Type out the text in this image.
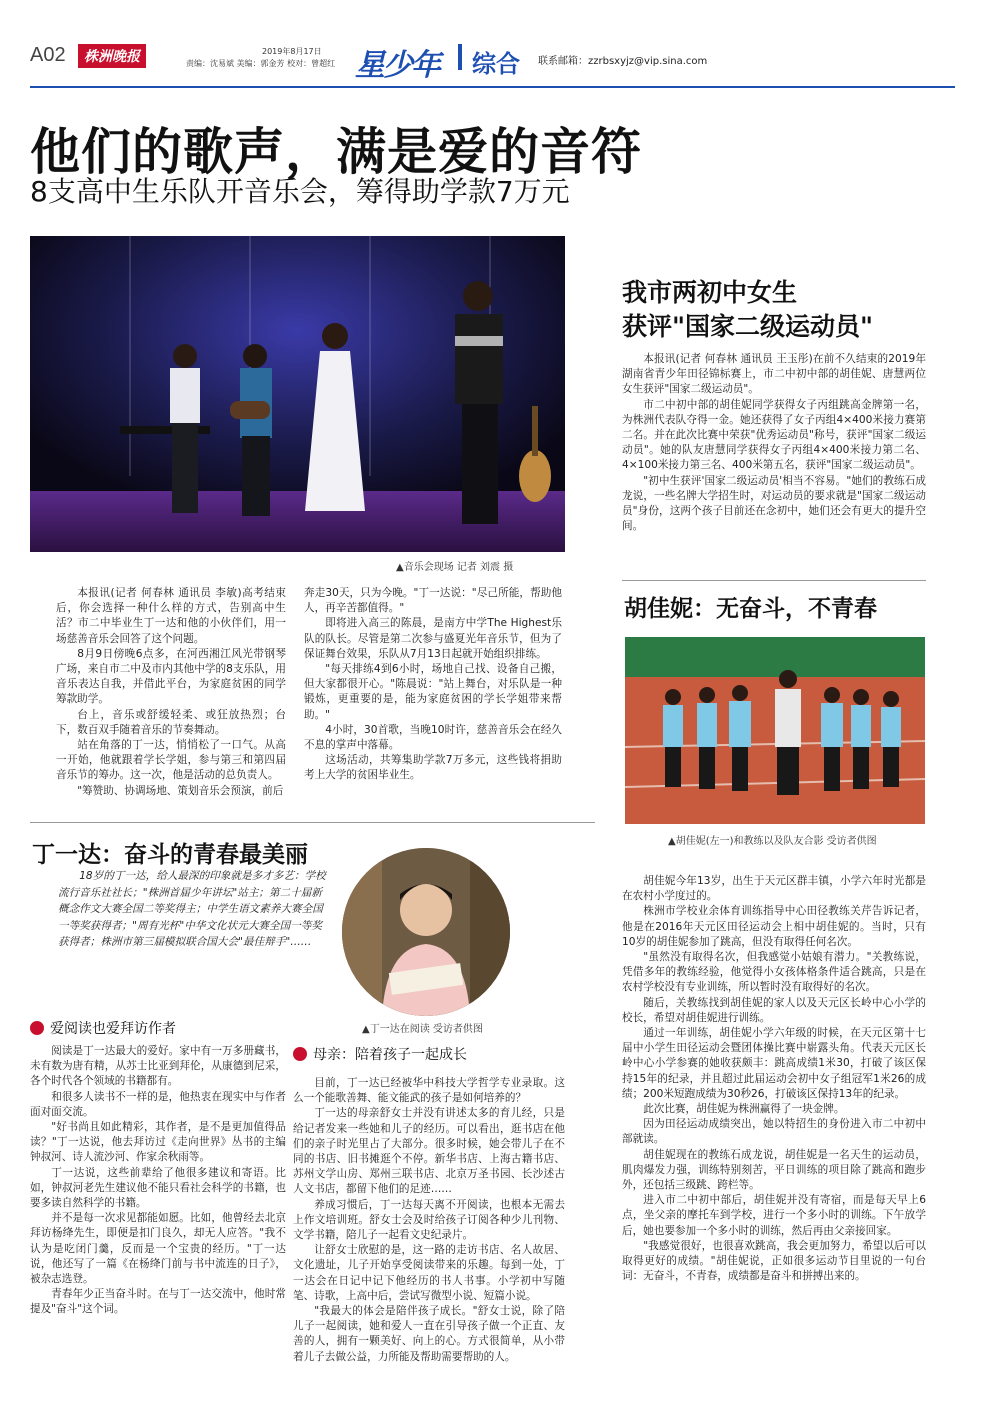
A02	株洲晚报	2019年8月17日
责编：沈易斌 美编：郭金芳 校对：曾超红 星少年 综合 联系邮箱：zzrbsxyjz@vip.sina.com
他们的歌声，满是爱的音符
8支高中生乐队开音乐会，筹得助学款7万元
▲音乐会现场 记者 刘震 摄

本报讯(记者 何春林 通讯员 李敏)高考结束后，你会选择一种什么样的方式，告别高中生活？市二中毕业生丁一达和他的小伙伴们，用一场慈善音乐会回答了这个问题。

8月9日傍晚6点多，在河西湘江风光带钢琴广场，来自市二中及市内其他中学的8支乐队，用音乐表达自我，并借此平台，为家庭贫困的同学筹款助学。

台上，音乐或舒缓轻柔、或狂放热烈；台下，数百双手随着音乐的节奏舞动。

站在角落的丁一达，悄悄松了一口气。从高一开始，他就跟着学长学姐，参与第三和第四届音乐节的筹办。这一次，他是活动的总负责人。

"筹赞助、协调场地、策划音乐会预演，前后

奔走30天，只为今晚。"丁一达说："尽己所能，帮助他人，再辛苦都值得。"

即将进入高三的陈晨，是南方中学The Highest乐队的队长。尽管是第二次参与盛夏光年音乐节，但为了保证舞台效果，乐队从7月13日起就开始组织排练。

"每天排练4到6小时，场地自己找、设备自己搬，但大家都很开心。"陈晨说："站上舞台，对乐队是一种锻炼，更重要的是，能为家庭贫困的学长学姐带来帮助。"

4小时，30首歌，当晚10时许，慈善音乐会在经久不息的掌声中落幕。

这场活动，共筹集助学款7万多元，这些钱将捐助考上大学的贫困毕业生。

丁一达：奋斗的青春最美丽
▲丁一达在阅读 受访者供图

18岁的丁一达，给人最深的印象就是多才多艺：学校流行音乐社社长；"株洲首届少年讲坛"站主；第二十届新概念作文大赛全国二等奖得主；中学生语文素养大赛全国一等奖获得者；"周有光杯"中华文化状元大赛全国一等奖获得者；株洲市第三届模拟联合国大会"最佳辩手"……

爱阅读也爱拜访作者

阅读是丁一达最大的爱好。家中有一万多册藏书，未有数为唐有精，从苏士比亚到拜伦，从康德到尼采，各个时代各个领域的书籍都有。

和很多人读书不一样的是，他热衷在现实中与作者面对面交流。

"好书尚且如此精彩，其作者，是不是更加值得品读？"丁一达说，他去拜访过《走向世界》丛书的主编钟叔河、诗人流沙河、作家余秋雨等。

丁一达说，这些前辈给了他很多建议和寄语。比如，钟叔河老先生建议他不能只看社会科学的书籍，也要多读自然科学的书籍。

并不是每一次求见都能如愿。比如，他曾经去北京拜访杨绛先生，即便是扣门良久，却无人应答。"我不认为是吃闭门羹，反而是一个宝贵的经历。"丁一达说，他还写了一篇《在杨绛门前与书中流连的日子》，被杂志选登。

青春年少正当奋斗时。在与丁一达交流中，他时常提及"奋斗"这个词。

母亲：陪着孩子一起成长

目前，丁一达已经被华中科技大学哲学专业录取。这么一个能歌善舞、能文能武的孩子是如何培养的？

丁一达的母亲舒女士并没有讲述太多的育儿经，只是给记者发来一些她和儿子的经历。可以看出，逛书店在他们的亲子时光里占了大部分。很多时候，她会带儿子在不同的书店、旧书摊逛个不停。新华书店、上海古籍书店、苏州文学山房、郑州三联书店、北京万圣书园、长沙述古人文书店，都留下他们的足迹……

养成习惯后，丁一达每天离不开阅读，也根本无需去上作文培训班。舒女士会及时给孩子订阅各种少儿刊物、文学书籍，陪儿子一起看文史纪录片。

让舒女士欣慰的是，这一路的走访书店、名人故居、文化遗址，儿子开始享受阅读带来的乐趣。每到一处，丁一达会在日记中记下他经历的书人书事。小学初中写随笔、诗歌，上高中后，尝试写微型小说、短篇小说。

"我最大的体会是陪伴孩子成长。"舒女士说，除了陪儿子一起阅读，她和爱人一直在引导孩子做一个正直、友善的人，拥有一颗美好、向上的心。方式很简单，从小带着儿子去做公益，力所能及帮助需要帮助的人。

我市两初中女生
获评"国家二级运动员"

本报讯(记者 何春林 通讯员 王玉彤)在前不久结束的2019年湖南省青少年田径锦标赛上，市二中初中部的胡佳妮、唐慧两位女生获评"国家二级运动员"。

市二中初中部的胡佳妮同学获得女子丙组跳高金牌第一名，为株洲代表队夺得一金。她还获得了女子丙组4×400米接力赛第二名。并在此次比赛中荣获"优秀运动员"称号，获评"国家二级运动员"。她的队友唐慧同学获得女子丙组4×400米接力第二名、4×100米接力第三名、400米第五名，获评"国家二级运动员"。

"初中生获评'国家二级运动员'相当不容易。"她们的教练石成龙说，一些名牌大学招生时，对运动员的要求就是"国家二级运动员"身份，这两个孩子目前还在念初中，她们还会有更大的提升空间。

胡佳妮：无奋斗，不青春
▲胡佳妮(左一)和教练以及队友合影 受访者供图

胡佳妮今年13岁，出生于天元区群丰镇，小学六年时光都是在农村小学度过的。

株洲市学校业余体育训练指导中心田径教练关芹告诉记者，他是在2016年天元区田径运动会上相中胡佳妮的。当时，只有10岁的胡佳妮参加了跳高，但没有取得任何名次。

"虽然没有取得名次，但我感觉小姑娘有潜力。"关教练说，凭借多年的教练经验，他觉得小女孩体格条件适合跳高，只是在农村学校没有专业训练，所以暂时没有取得好的名次。

随后，关教练找到胡佳妮的家人以及天元区长岭中心小学的校长，希望对胡佳妮进行训练。

通过一年训练，胡佳妮小学六年级的时候，在天元区第十七届中小学生田径运动会暨团体操比赛中崭露头角。代表天元区长岭中心小学参赛的她收获颇丰：跳高成绩1米30，打破了该区保持15年的纪录，并且超过此届运动会初中女子组冠军1米26的成绩；200米短跑成绩为30秒26，打破该区保持13年的纪录。

此次比赛，胡佳妮为株洲赢得了一块金牌。

因为田径运动成绩突出，她以特招生的身份进入市二中初中部就读。

胡佳妮现在的教练石成龙说，胡佳妮是一名天生的运动员，肌肉爆发力强，训练特别刻苦，平日训练的项目除了跳高和跑步外，还包括三级跳、跨栏等。

进入市二中初中部后，胡佳妮并没有寄宿，而是每天早上6点，坐父亲的摩托车到学校，进行一个多小时的训练。下午放学后，她也要参加一个多小时的训练，然后再由父亲接回家。

"我感觉很好，也很喜欢跳高，我会更加努力，希望以后可以取得更好的成绩。"胡佳妮说，正如很多运动节目里说的一句台词：无奋斗，不青春，成绩都是奋斗和拼搏出来的。
